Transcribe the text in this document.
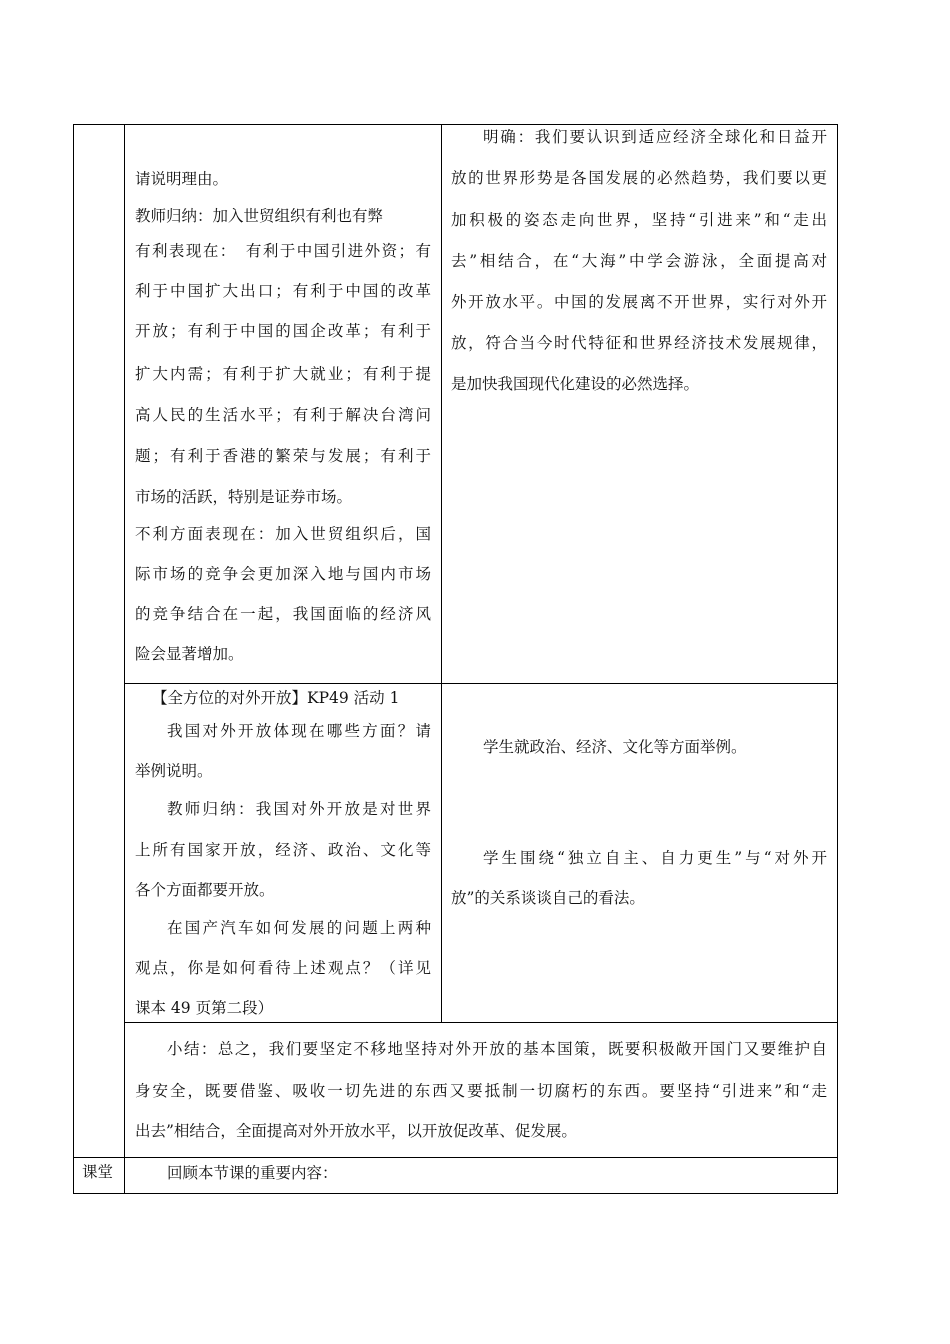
请说明理由。
教师归纳：加入世贸组织有利也有弊
有利表现在：　有利于中国引进外资；有
利于中国扩大出口；有利于中国的改革
开放；有利于中国的国企改革；有利于
扩大内需；有利于扩大就业；有利于提
高人民的生活水平；有利于解决台湾问
题；有利于香港的繁荣与发展；有利于
市场的活跃，特别是证券市场。
不利方面表现在：加入世贸组织后，国
际市场的竞争会更加深入地与国内市场
的竞争结合在一起，我国面临的经济风
险会显著增加。
明确：我们要认识到适应经济全球化和日益开
放的世界形势是各国发展的必然趋势，我们要以更
加积极的姿态走向世界，坚持“引进来”和“走出
去”相结合，在“大海”中学会游泳，全面提高对
外开放水平。中国的发展离不开世界，实行对外开
放，符合当今时代特征和世界经济技术发展规律，
是加快我国现代化建设的必然选择。
【全方位的对外开放】KP49 活动 1
我国对外开放体现在哪些方面？请
举例说明。
教师归纳：我国对外开放是对世界
上所有国家开放，经济、政治、文化等
各个方面都要开放。
在国产汽车如何发展的问题上两种
观点，你是如何看待上述观点？（详见
课本 49 页第二段）
学生就政治、经济、文化等方面举例。
学生围绕“独立自主、自力更生”与“对外开
放”的关系谈谈自己的看法。
小结：总之，我们要坚定不移地坚持对外开放的基本国策，既要积极敞开国门又要维护自
身安全，既要借鉴、吸收一切先进的东西又要抵制一切腐朽的东西。要坚持“引进来”和“走
出去”相结合，全面提高对外开放水平，以开放促改革、促发展。
课堂	回顾本节课的重要内容：
